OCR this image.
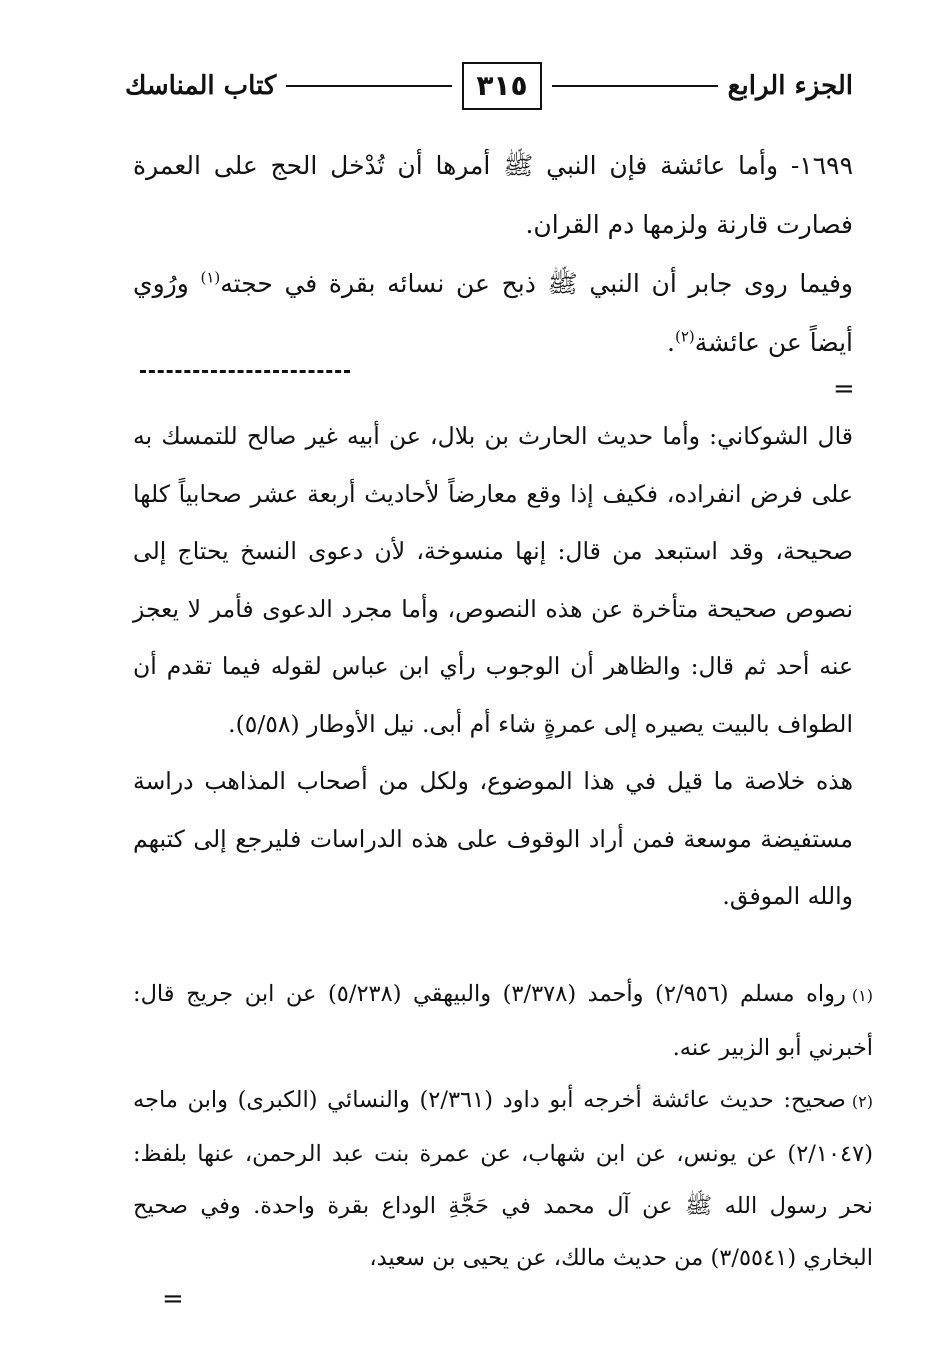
الجزء الرابع
٣١٥
كتاب المناسك

١٦٩٩- وأما عائشة فإن النبي ﷺ أمرها أن تُدْخل الحج على العمرة فصارت قارنة ولزمها دم القران.

وفيما روى جابر أن النبي ﷺ ذبح عن نسائه بقرة في حجته$^{(١)}$ ورُوي أيضاً عن عائشة$^{(٢)}$.

=

قال الشوكاني: وأما حديث الحارث بن بلال، عن أبيه غير صالح للتمسك به على فرض انفراده، فكيف إذا وقع معارضاً لأحاديث أربعة عشر صحابياً كلها صحيحة، وقد استبعد من قال: إنها منسوخة، لأن دعوى النسخ يحتاج إلى نصوص صحيحة متأخرة عن هذه النصوص، وأما مجرد الدعوى فأمر لا يعجز عنه أحد ثم قال: والظاهر أن الوجوب رأي ابن عباس لقوله فيما تقدم أن الطواف بالبيت يصيره إلى عمرةٍ شاء أم أبى. نيل الأوطار (٥/٥٨).

هذه خلاصة ما قيل في هذا الموضوع، ولكل من أصحاب المذاهب دراسة مستفيضة موسعة فمن أراد الوقوف على هذه الدراسات فليرجع إلى كتبهم والله الموفق.

(١)رواه مسلم (٢/٩٥٦) وأحمد (٣/٣٧٨) والبيهقي (٥/٢٣٨) عن ابن جريج قال: أخبرني أبو الزبير عنه.

(٢)صحيح: حديث عائشة أخرجه أبو داود (٢/٣٦١) والنسائي (الكبرى) وابن ماجه (٢/١٠٤٧) عن يونس، عن ابن شهاب، عن عمرة بنت عبد الرحمن، عنها بلفظ: نحر رسول الله ﷺ عن آل محمد في حَجَّةِ الوداع بقرة واحدة. وفي صحيح البخاري (٣/٥٥٤١) من حديث مالك، عن يحيى بن سعيد،

=
